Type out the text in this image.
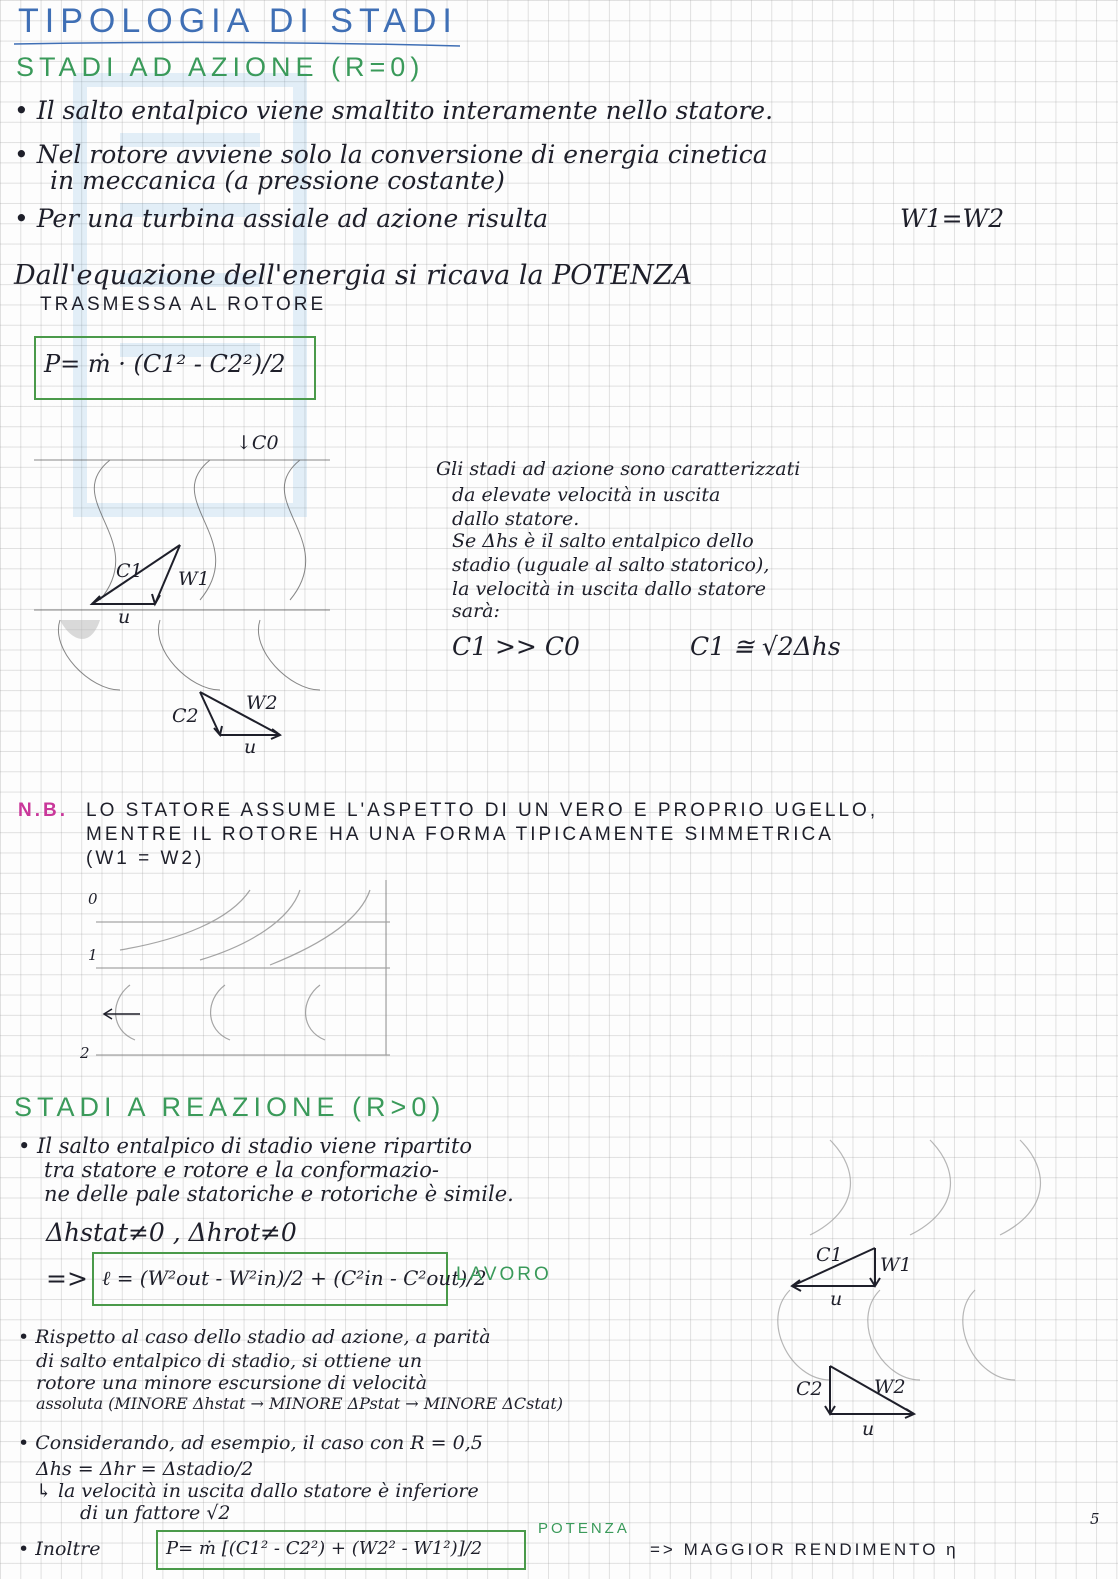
TIPOLOGIA DI STADI
STADI AD AZIONE (R=0)
• Il salto entalpico viene smaltito interamente nello statore.
• Nel rotore avviene solo la conversione di energia cinetica
in meccanica (a pressione costante)
• Per una turbina assiale ad azione risulta	W1=W2
Dall'equazione dell'energia si ricava la POTENZA
TRASMESSA AL ROTORE
P= ṁ · (C1² - C2²)/2
↓C0
C1 W1
u
C2
W2
u
Gli stadi ad azione sono caratterizzati
da elevate velocità in uscita
dallo statore.
Se Δhs è il salto entalpico dello
stadio (uguale al salto statorico),
la velocità in uscita dallo statore
sarà:
C1 >> C0	C1 ≅ √2Δhs
N.B. LO STATORE ASSUME L'ASPETTO DI UN VERO E PROPRIO UGELLO,
MENTRE IL ROTORE HA UNA FORMA TIPICAMENTE SIMMETRICA
(W1 = W2)
0
1
2
STADI A REAZIONE (R>0)
• Il salto entalpico di stadio viene ripartito
tra statore e rotore e la conformazio-
ne delle pale statoriche e rotoriche è simile.
Δhstat≠0 , Δhrot≠0
=> ℓ = (W²out - W²in)/2 + (C²in - C²out)/2
LAVORO
• Rispetto al caso dello stadio ad azione, a parità
di salto entalpico di stadio, si ottiene un
rotore una minore escursione di velocità
assoluta (MINORE Δhstat → MINORE ΔPstat → MINORE ΔCstat)
• Considerando, ad esempio, il caso con R = 0,5
Δhs = Δhr = Δstadio/2
↳ la velocità in uscita dallo statore è inferiore
di un fattore √2
• Inoltre	P= ṁ [(C1² - C2²) + (W2² - W1²)]/2
POTENZA
=> MAGGIOR RENDIMENTO η
C1 W1
u
C2	W2
u
5
